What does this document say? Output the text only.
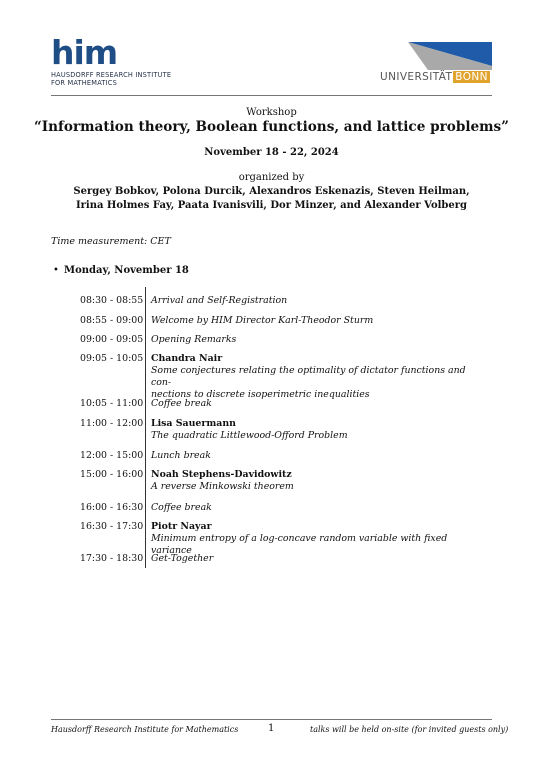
him
HAUSDORFF RESEARCH INSTITUTE
FOR MATHEMATICS	UNIVERSITÄT BONN
Workshop
“Information theory, Boolean functions, and lattice problems”
November 18 - 22, 2024
organized by
Sergey Bobkov, Polona Durcik, Alexandros Eskenazis, Steven Heilman,
Irina Holmes Fay, Paata Ivanisvili, Dor Minzer, and Alexander Volberg
Time measurement: CET
• Monday, November 18
08:30 - 08:55 Arrival and Self-Registration
08:55 - 09:00 Welcome by HIM Director Karl-Theodor Sturm
09:00 - 09:05 Opening Remarks
09:05 - 10:05 Chandra Nair
Some conjectures relating the optimality of dictator functions and con-
nections to discrete isoperimetric inequalities
10:05 - 11:00 Coffee break
11:00 - 12:00 Lisa Sauermann
The quadratic Littlewood-Offord Problem
12:00 - 15:00 Lunch break
15:00 - 16:00 Noah Stephens-Davidowitz
A reverse Minkowski theorem
16:00 - 16:30 Coffee break
16:30 - 17:30 Piotr Nayar
Minimum entropy of a log-concave random variable with fixed variance
17:30 - 18:30 Get-Together
Hausdorff Research Institute for Mathematics	1	talks will be held on-site (for invited guests only)
